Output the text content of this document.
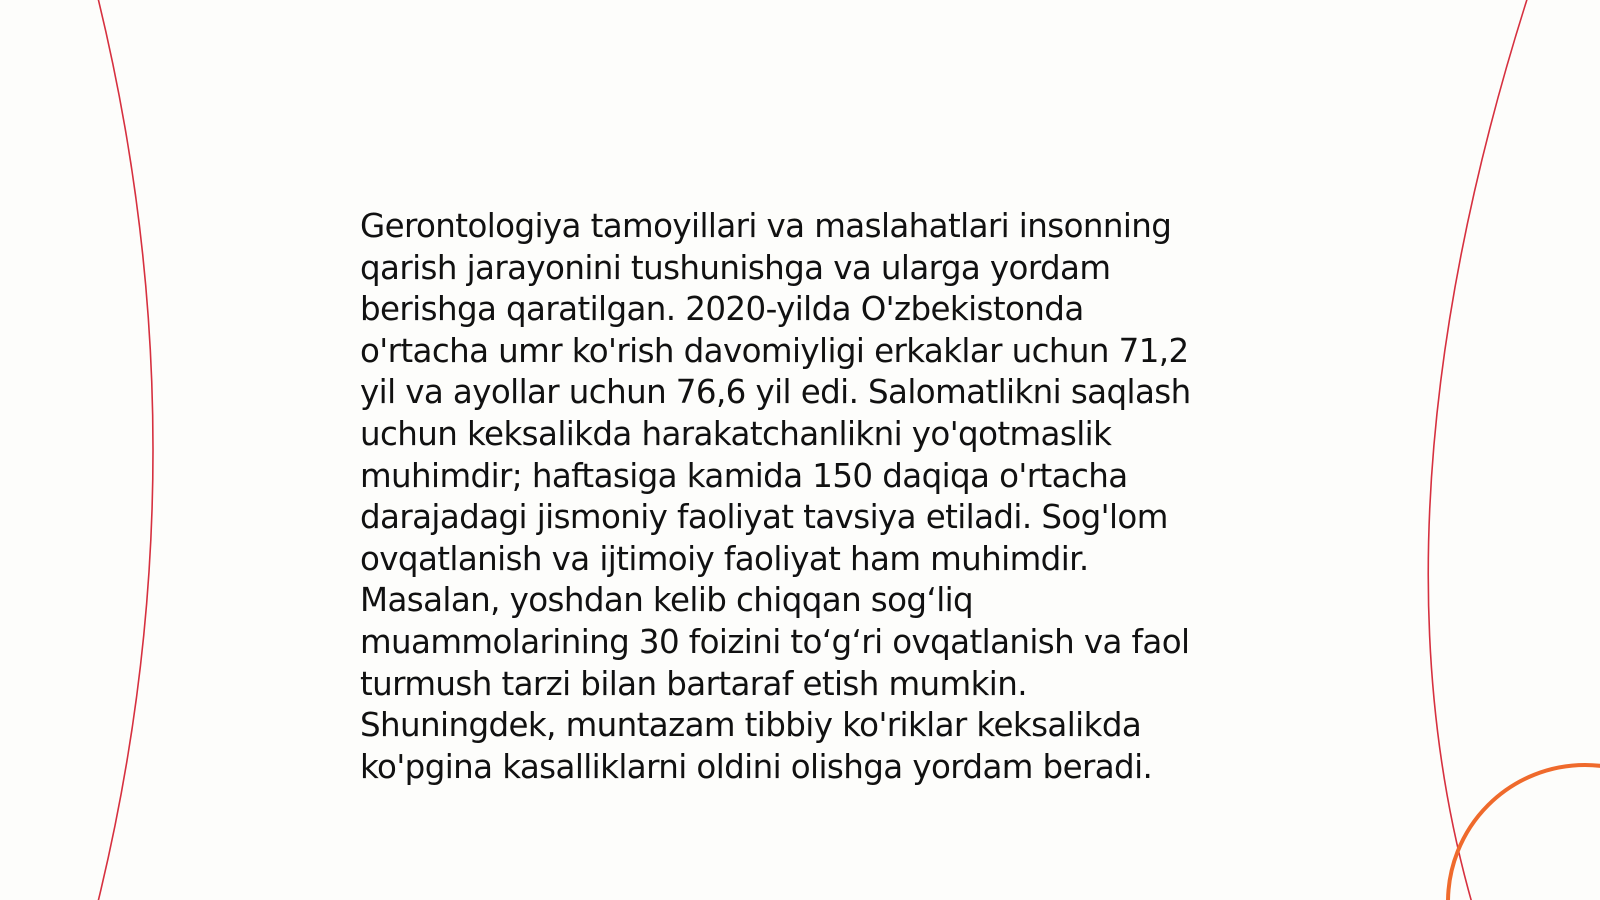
Gerontologiya tamoyillari va maslahatlari insonning
qarish jarayonini tushunishga va ularga yordam
berishga qaratilgan. 2020-yilda O'zbekistonda
o'rtacha umr ko'rish davomiyligi erkaklar uchun 71,2
yil va ayollar uchun 76,6 yil edi. Salomatlikni saqlash
uchun keksalikda harakatchanlikni yo'qotmaslik
muhimdir; haftasiga kamida 150 daqiqa o'rtacha
darajadagi jismoniy faoliyat tavsiya etiladi. Sog'lom
ovqatlanish va ijtimoiy faoliyat ham muhimdir.
Masalan, yoshdan kelib chiqqan sog‘liq
muammolarining 30 foizini to‘g‘ri ovqatlanish va faol
turmush tarzi bilan bartaraf etish mumkin.
Shuningdek, muntazam tibbiy ko'riklar keksalikda
ko'pgina kasalliklarni oldini olishga yordam beradi.
